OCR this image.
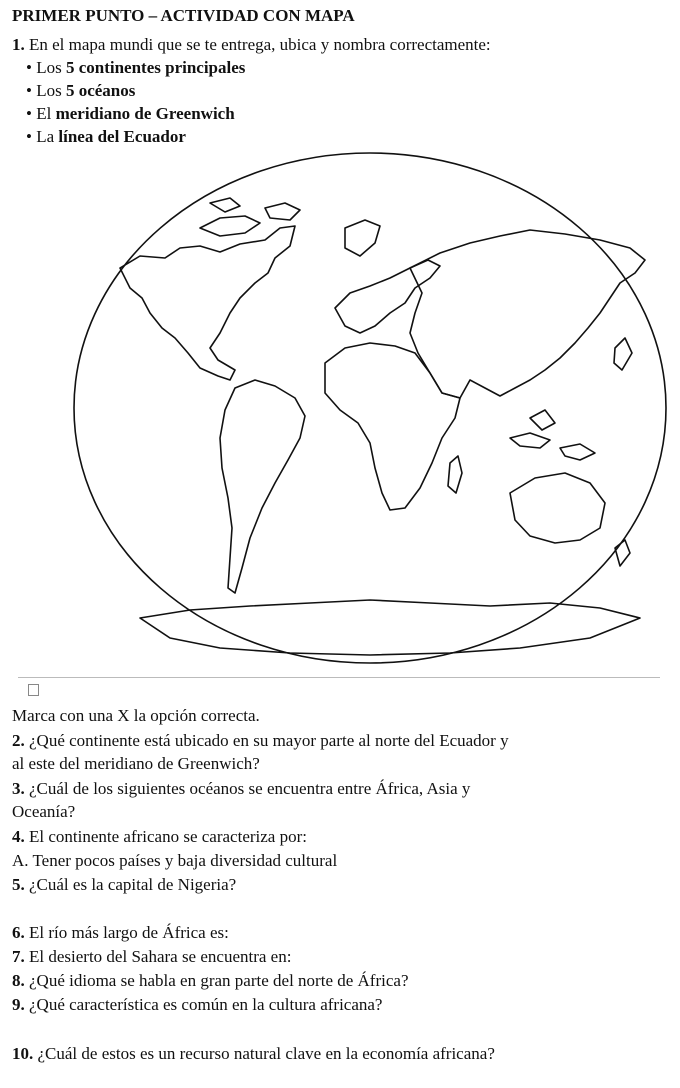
PRIMER PUNTO – ACTIVIDAD CON MAPA
1. En el mapa mundi que se te entrega, ubica y nombra correctamente:
• Los 5 continentes principales
• Los 5 océanos
• El meridiano de Greenwich
• La línea del Ecuador
Marca con una X la opción correcta.
2. ¿Qué continente está ubicado en su mayor parte al norte del Ecuador y
al este del meridiano de Greenwich?
3. ¿Cuál de los siguientes océanos se encuentra entre África, Asia y
Oceanía?
4. El continente africano se caracteriza por:
A. Tener pocos países y baja diversidad cultural
5. ¿Cuál es la capital de Nigeria?
6. El río más largo de África es:
7. El desierto del Sahara se encuentra en:
8. ¿Qué idioma se habla en gran parte del norte de África?
9. ¿Qué característica es común en la cultura africana?
10. ¿Cuál de estos es un recurso natural clave en la economía africana?
